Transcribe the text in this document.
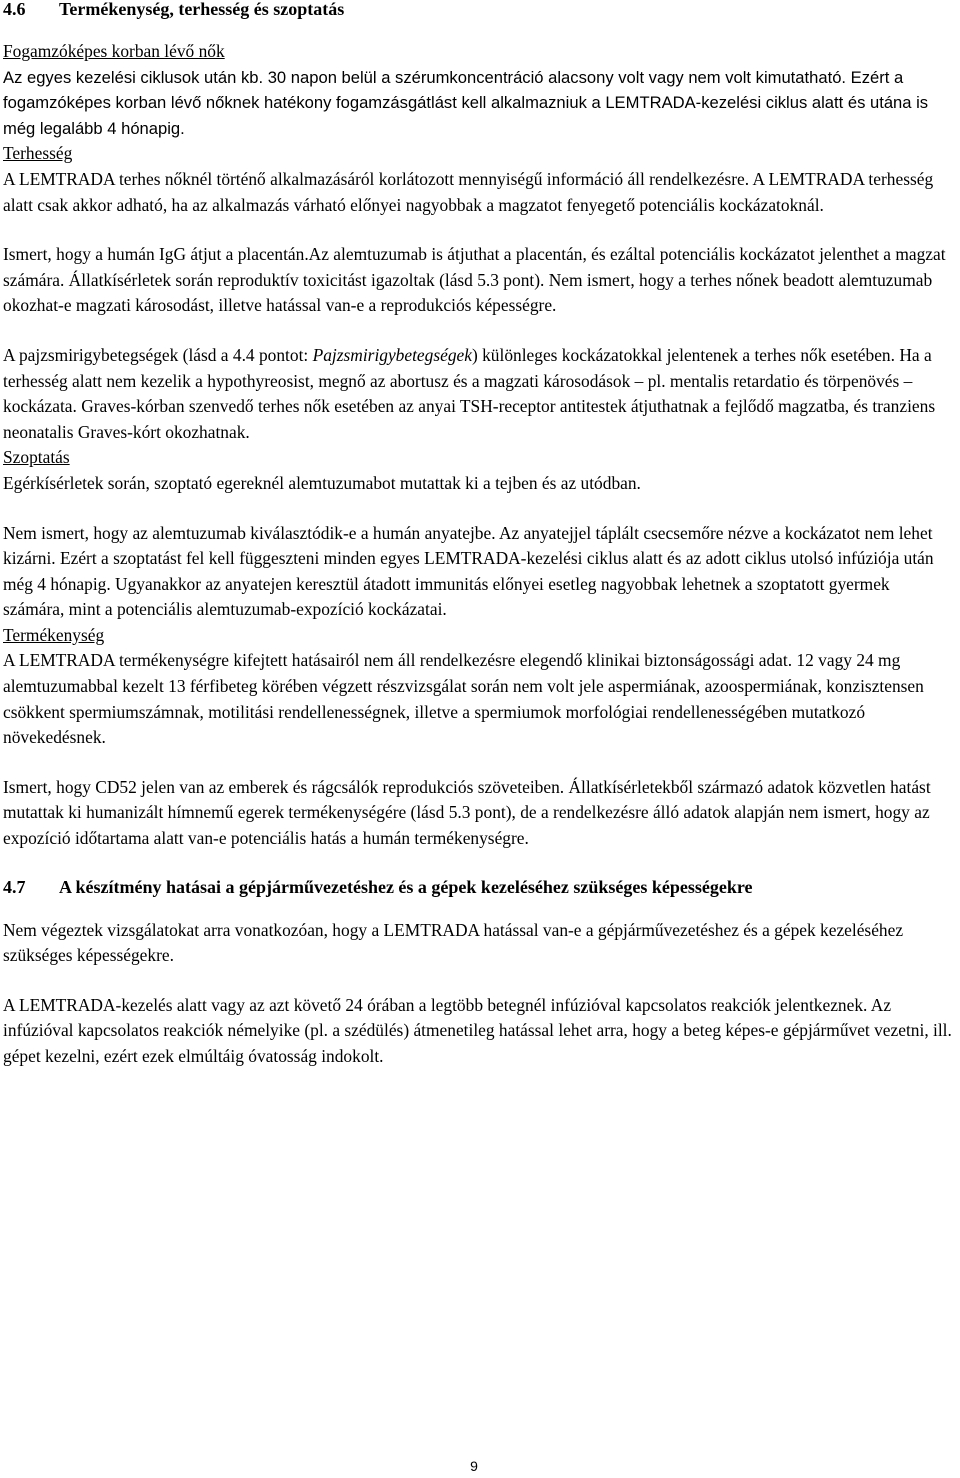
4.6	Termékenység, terhesség és szoptatás

Fogamzóképes korban lévő nők

Az egyes kezelési ciklusok után kb. 30 napon belül a szérumkoncentráció alacsony volt vagy nem volt kimutatható. Ezért a fogamzóképes korban lévő nőknek hatékony fogamzásgátlást kell alkalmazniuk a LEMTRADA-kezelési ciklus alatt és utána is még legalább 4 hónapig.

Terhesség

A LEMTRADA terhes nőknél történő alkalmazásáról korlátozott mennyiségű információ áll rendelkezésre. A LEMTRADA terhesség alatt csak akkor adható, ha az alkalmazás várható előnyei nagyobbak a magzatot fenyegető potenciális kockázatoknál.

Ismert, hogy a humán IgG átjut a placentán.Az alemtuzumab is átjuthat a placentán, és ezáltal potenciális kockázatot jelenthet a magzat számára. Állatkísérletek során reproduktív toxicitást igazoltak (lásd 5.3 pont). Nem ismert, hogy a terhes nőnek beadott alemtuzumab okozhat-e magzati károsodást, illetve hatással van-e a reprodukciós képességre.

A pajzsmirigybetegségek (lásd a 4.4 pontot: Pajzsmirigybetegségek) különleges kockázatokkal jelentenek a terhes nők esetében. Ha a terhesség alatt nem kezelik a hypothyreosist, megnő az abortusz és a magzati károsodások – pl. mentalis retardatio és törpenövés – kockázata. Graves-kórban szenvedő terhes nők esetében az anyai TSH-receptor antitestek átjuthatnak a fejlődő magzatba, és tranziens neonatalis Graves-kórt okozhatnak.

Szoptatás

Egérkísérletek során, szoptató egereknél alemtuzumabot mutattak ki a tejben és az utódban.

Nem ismert, hogy az alemtuzumab kiválasztódik-e a humán anyatejbe. Az anyatejjel táplált csecsemőre nézve a kockázatot nem lehet kizárni. Ezért a szoptatást fel kell függeszteni minden egyes LEMTRADA-kezelési ciklus alatt és az adott ciklus utolsó infúziója után még 4 hónapig. Ugyanakkor az anyatejen keresztül átadott immunitás előnyei esetleg nagyobbak lehetnek a szoptatott gyermek számára, mint a potenciális alemtuzumab-expozíció kockázatai.

Termékenység

A LEMTRADA termékenységre kifejtett hatásairól nem áll rendelkezésre elegendő klinikai biztonságossági adat. 12 vagy 24 mg alemtuzumabbal kezelt 13 férfibeteg körében végzett részvizsgálat során nem volt jele aspermiának, azoospermiának, konzisztensen csökkent spermiumszámnak, motilitási rendellenességnek, illetve a spermiumok morfológiai rendellenességében mutatkozó növekedésnek.

Ismert, hogy CD52 jelen van az emberek és rágcsálók reprodukciós szöveteiben. Állatkísérletekből származó adatok közvetlen hatást mutattak ki humanizált hímnemű egerek termékenységére (lásd 5.3 pont), de a rendelkezésre álló adatok alapján nem ismert, hogy az expozíció időtartama alatt van-e potenciális hatás a humán termékenységre.

4.7	A készítmény hatásai a gépjárművezetéshez és a gépek kezeléséhez szükséges képességekre

Nem végeztek vizsgálatokat arra vonatkozóan, hogy a LEMTRADA hatással van-e a gépjárművezetéshez és a gépek kezeléséhez szükséges képességekre.

A LEMTRADA-kezelés alatt vagy az azt követő 24 órában a legtöbb betegnél infúzióval kapcsolatos reakciók jelentkeznek. Az infúzióval kapcsolatos reakciók némelyike (pl. a szédülés) átmenetileg hatással lehet arra, hogy a beteg képes-e gépjárművet vezetni, ill. gépet kezelni, ezért ezek elmúltáig óvatosság indokolt.

9
